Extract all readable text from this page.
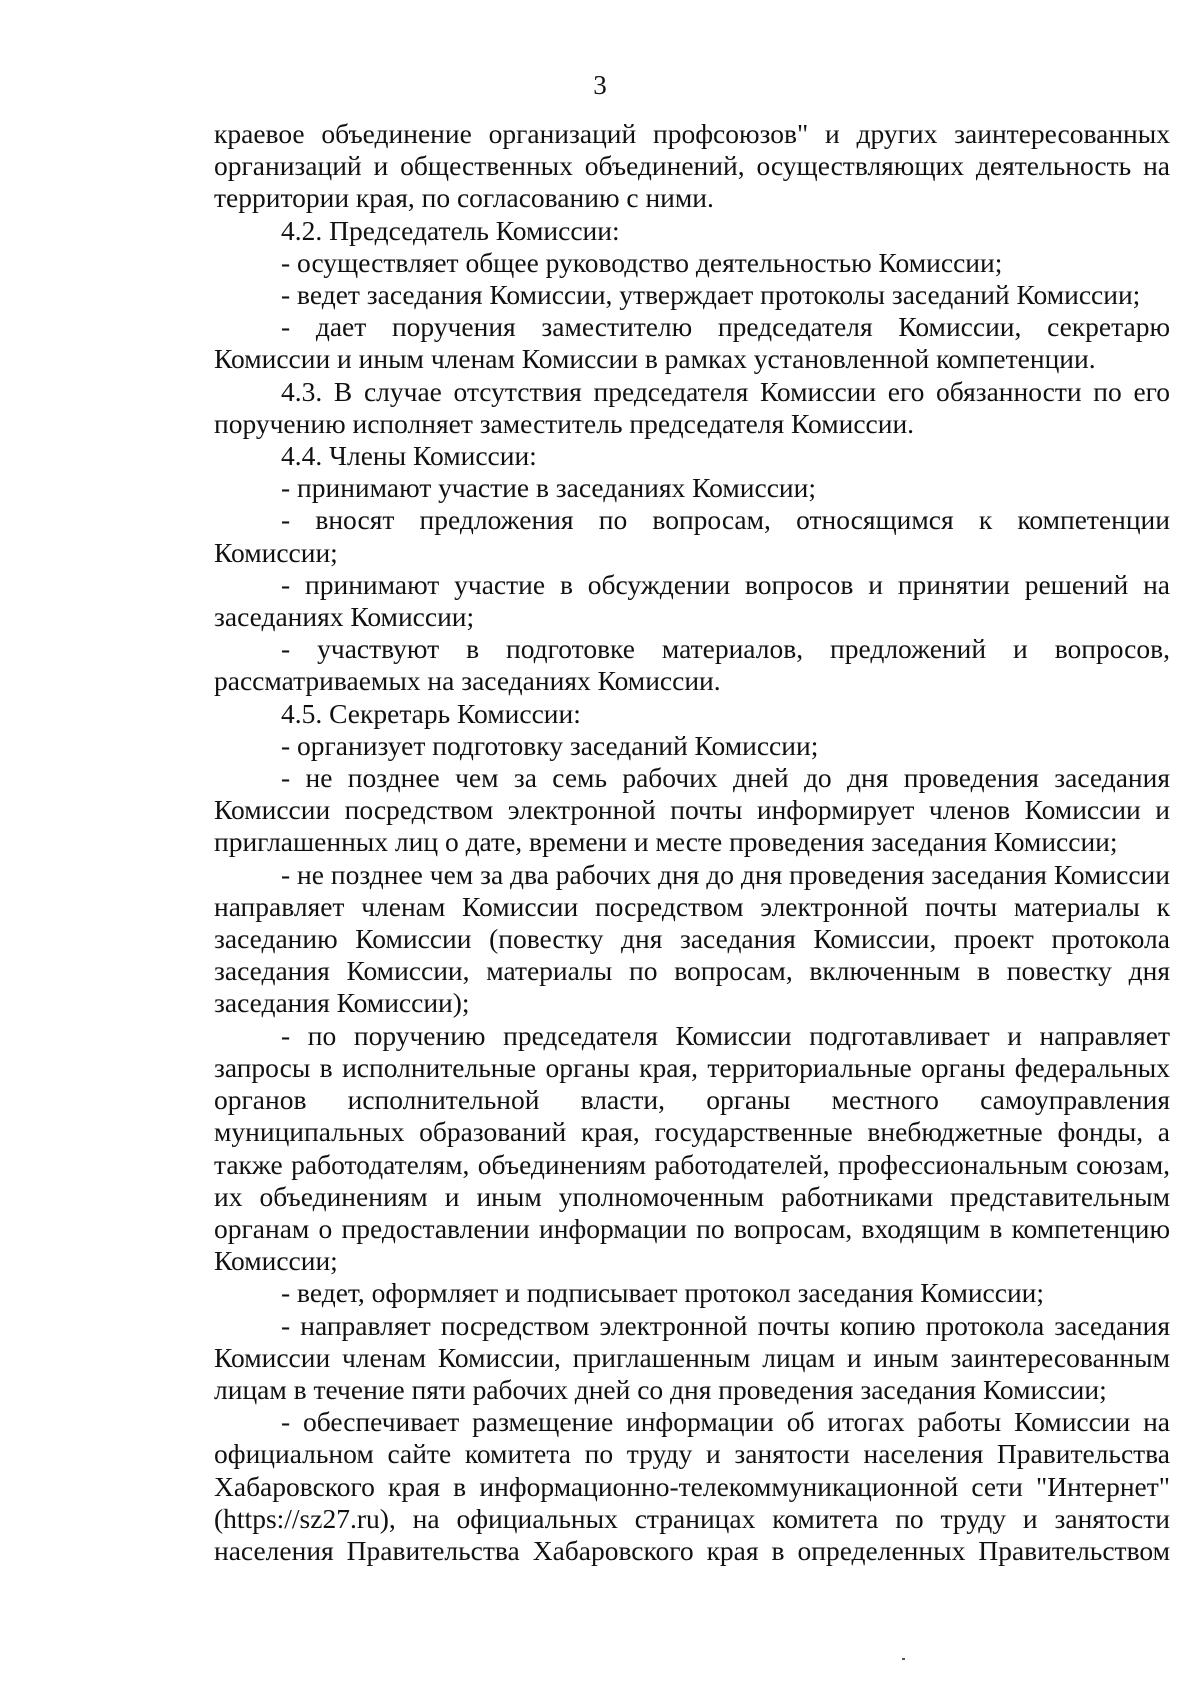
3

краевое объединение организаций профсоюзов" и других заинтересованных организаций и общественных объединений, осуществляющих деятельность на территории края, по согласованию с ними.

4.2. Председатель Комиссии:

- осуществляет общее руководство деятельностью Комиссии;

- ведет заседания Комиссии, утверждает протоколы заседаний Комиссии;

- дает поручения заместителю председателя Комиссии, секретарю Комиссии и иным членам Комиссии в рамках установленной компетенции.

4.3. В случае отсутствия председателя Комиссии его обязанности по его поручению исполняет заместитель председателя Комиссии.

4.4. Члены Комиссии:

- принимают участие в заседаниях Комиссии;

- вносят предложения по вопросам, относящимся к компетенции Комиссии;

- принимают участие в обсуждении вопросов и принятии решений на заседаниях Комиссии;

- участвуют в подготовке материалов, предложений и вопросов, рассматриваемых на заседаниях Комиссии.

4.5. Секретарь Комиссии:

- организует подготовку заседаний Комиссии;

- не позднее чем за семь рабочих дней до дня проведения заседания Комиссии посредством электронной почты информирует членов Комиссии и приглашенных лиц о дате, времени и месте проведения заседания Комиссии;

- не позднее чем за два рабочих дня до дня проведения заседания Комиссии направляет членам Комиссии посредством электронной почты материалы к заседанию Комиссии (повестку дня заседания Комиссии, проект протокола заседания Комиссии, материалы по вопросам, включенным в повестку дня заседания Комиссии);

- по поручению председателя Комиссии подготавливает и направляет запросы в исполнительные органы края, территориальные органы федеральных органов исполнительной власти, органы местного самоуправления муниципальных образований края, государственные внебюджетные фонды, а также работодателям, объединениям работодателей, профессиональным союзам, их объединениям и иным уполномоченным работниками представительным органам о предоставлении информации по вопросам, входящим в компетенцию Комиссии;

- ведет, оформляет и подписывает протокол заседания Комиссии;

- направляет посредством электронной почты копию протокола заседания Комиссии членам Комиссии, приглашенным лицам и иным заинтересованным лицам в течение пяти рабочих дней со дня проведения заседания Комиссии;

- обеспечивает размещение информации об итогах работы Комиссии на официальном сайте комитета по труду и занятости населения Правительства Хабаровского края в информационно-телекоммуникационной сети "Интернет" (https://sz27.ru), на официальных страницах комитета по труду и занятости населения Правительства Хабаровского края в определенных Правительством
